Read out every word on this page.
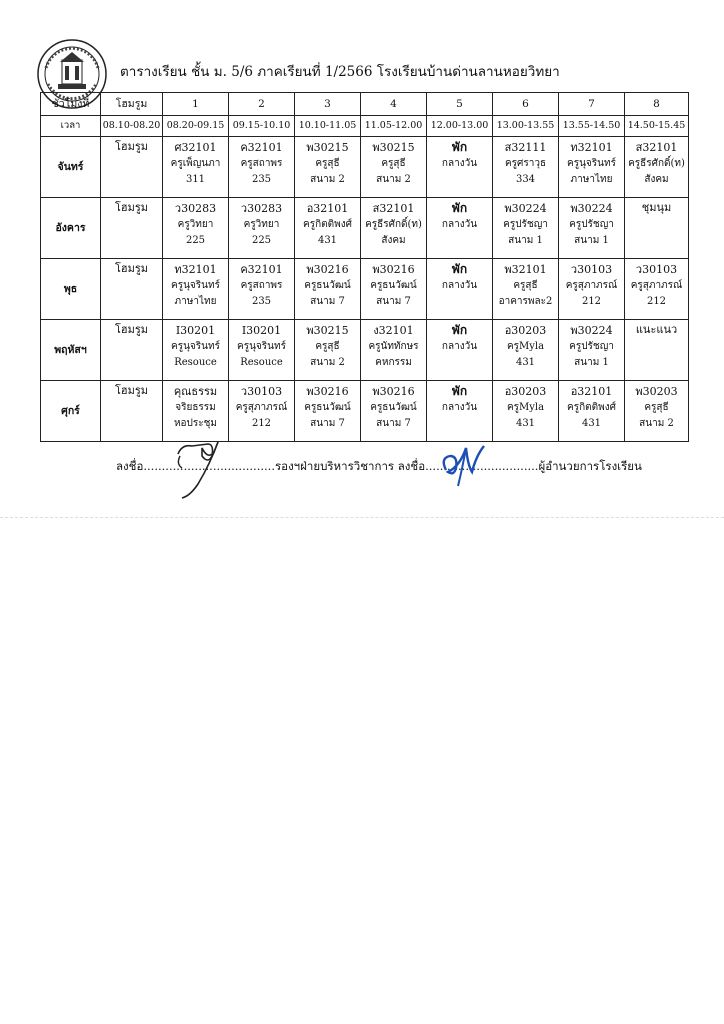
ตารางเรียน ชั้น ม. 5/6 ภาคเรียนที่ 1/2566 โรงเรียนบ้านด่านลานหอยวิทยา
ชั่วโมงที่	โฮมรูม	1	2	3	4	5	6	7	8
เวลา	08.10-08.20	08.20-09.15	09.15-10.10	10.10-11.05	11.05-12.00	12.00-13.00	13.00-13.55	13.55-14.50	14.50-15.45
จันทร์	โฮมรูม	ศ32101
ครูเพ็ญนภา
311	ค32101
ครูสถาพร
235	พ30215
ครูสุธี
สนาม 2	พ30215
ครูสุธี
สนาม 2	พัก
กลางวัน	ส32111
ครูศราวุธ
334	ท32101
ครูนุจรินทร์
ภาษาไทย	ส32101
ครูธีรศักดิ์(ท)
สังคม

อังคาร	โฮมรูม	ว30283
ครูวิทยา
225	ว30283
ครูวิทยา
225	อ32101
ครูกิตติพงศ์
431	ส32101
ครูธีรศักดิ์(ท)
สังคม	พัก
กลางวัน	พ30224
ครูปรัชญา
สนาม 1	พ30224
ครูปรัชญา
สนาม 1	ชุมนุม

พุธ	โฮมรูม	ท32101
ครูนุจรินทร์
ภาษาไทย	ค32101
ครูสถาพร
235	พ30216
ครูธนวัฒน์
สนาม 7	พ30216
ครูธนวัฒน์
สนาม 7	พัก
กลางวัน	พ32101
ครูสุธี
อาคารพละ2	ว30103
ครูสุภาภรณ์
212	ว30103
ครูสุภาภรณ์
212

พฤหัสฯ	โฮมรูม	I30201
ครูนุจรินทร์
Resouce	I30201
ครูนุจรินทร์
Resouce	พ30215
ครูสุธี
สนาม 2	ง32101
ครูนัททักษร
คหกรรม	พัก
กลางวัน	อ30203
ครูMyla
431	พ30224
ครูปรัชญา
สนาม 1	แนะแนว

ศุกร์	โฮมรูม	คุณธรรม
จริยธรรม
หอประชุม	ว30103
ครูสุภาภรณ์
212	พ30216
ครูธนวัฒน์
สนาม 7	พ30216
ครูธนวัฒน์
สนาม 7	พัก
กลางวัน	อ30203
ครูMyla
431	อ32101
ครูกิตติพงศ์
431	พ30203
ครูสุธี
สนาม 2
ลงชื่อ....................................รองฯฝ่ายบริหารวิชาการ ลงชื่อ...............................ผู้อำนวยการโรงเรียน
